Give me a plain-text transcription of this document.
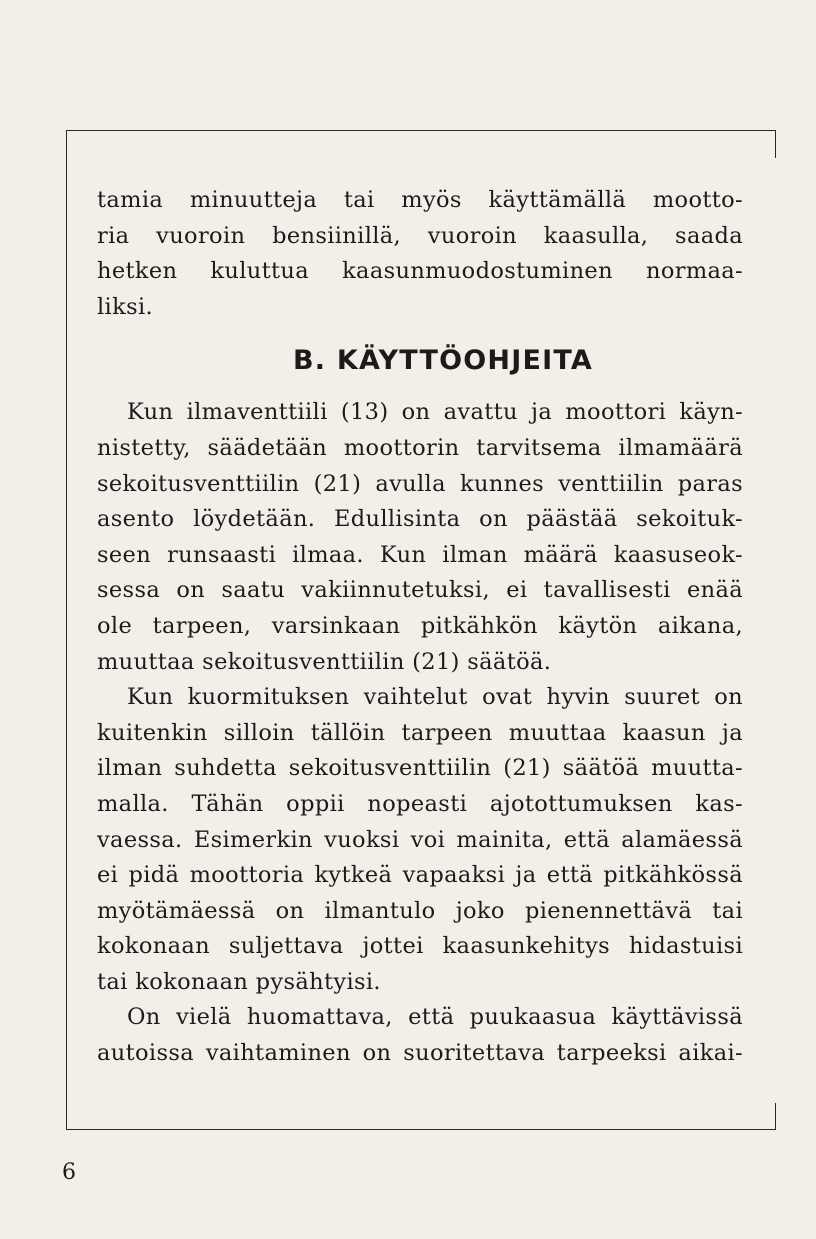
tamia minuutteja tai myös käyttämällä mootto-
ria vuoroin bensiinillä, vuoroin kaasulla, saada
hetken kuluttua kaasunmuodostuminen normaa-
liksi.

B. KÄYTTÖOHJEITA

Kun ilmaventtiili (13) on avattu ja moottori käyn-
nistetty, säädetään moottorin tarvitsema ilmamäärä
sekoitusventtiilin (21) avulla kunnes venttiilin paras
asento löydetään. Edullisinta on päästää sekoituk-
seen runsaasti ilmaa. Kun ilman määrä kaasuseok-
sessa on saatu vakiinnutetuksi, ei tavallisesti enää
ole tarpeen, varsinkaan pitkähkön käytön aikana,
muuttaa sekoitusventtiilin (21) säätöä.

Kun kuormituksen vaihtelut ovat hyvin suuret on
kuitenkin silloin tällöin tarpeen muuttaa kaasun ja
ilman suhdetta sekoitusventtiilin (21) säätöä muutta-
malla. Tähän oppii nopeasti ajotottumuksen kas-
vaessa. Esimerkin vuoksi voi mainita, että alamäessä
ei pidä moottoria kytkeä vapaaksi ja että pitkähkössä
myötämäessä on ilmantulo joko pienennettävä tai
kokonaan suljettava jottei kaasunkehitys hidastuisi
tai kokonaan pysähtyisi.

On vielä huomattava, että puukaasua käyttävissä
autoissa vaihtaminen on suoritettava tarpeeksi aikai-

6
